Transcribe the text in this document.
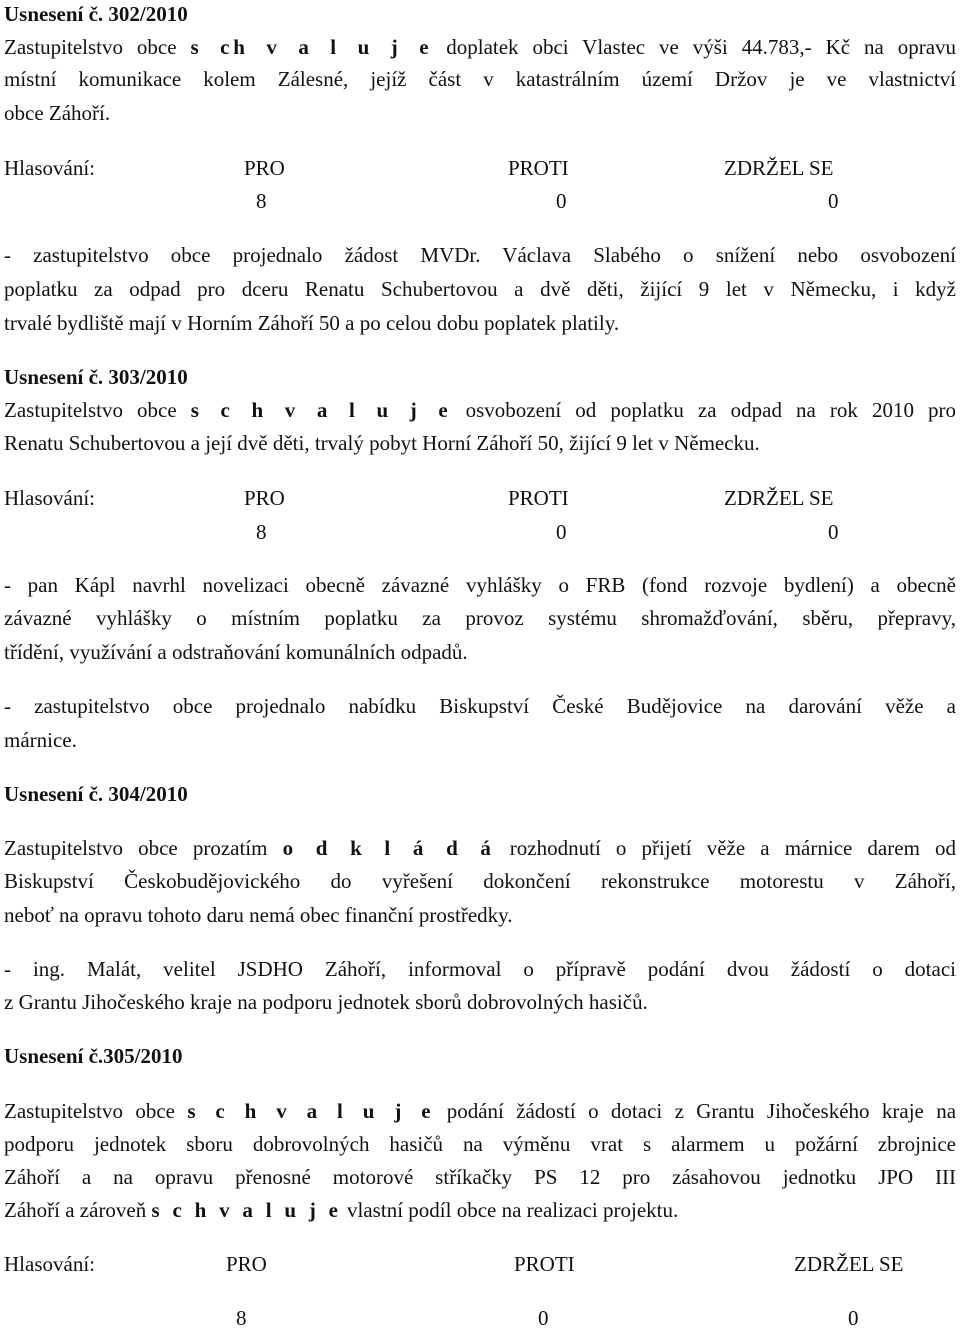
Usnesení č. 302/2010
Zastupitelstvo obce s ch v a l u j e doplatek obci Vlastec ve výši 44.783,- Kč na opravu
místní komunikace kolem Zálesné, jejíž část v katastrálním území Držov je ve vlastnictví
obce Záhoří.
Hlasování:	PRO	PROTI	ZDRŽEL SE
8	0	0
- zastupitelstvo obce projednalo žádost MVDr. Václava Slabého o snížení nebo osvobození
poplatku za odpad pro dceru Renatu Schubertovou a dvě děti, žijící 9 let v Německu, i když
trvalé bydliště mají v Horním Záhoří 50 a po celou dobu poplatek platily.
Usnesení č. 303/2010
Zastupitelstvo obce s c h v a l u j e osvobození od poplatku za odpad na rok 2010 pro
Renatu Schubertovou a její dvě děti, trvalý pobyt Horní Záhoří 50, žijící 9 let v Německu.
Hlasování:	PRO	PROTI	ZDRŽEL SE
8	0	0
- pan Kápl navrhl novelizaci obecně závazné vyhlášky o FRB (fond rozvoje bydlení) a obecně
závazné vyhlášky o místním poplatku za provoz systému shromažďování, sběru, přepravy,
třídění, využívání a odstraňování komunálních odpadů.
- zastupitelstvo obce projednalo nabídku Biskupství České Budějovice na darování věže a
márnice.
Usnesení č. 304/2010
Zastupitelstvo obce prozatím o d k l á d á rozhodnutí o přijetí věže a márnice darem od
Biskupství Českobudějovického do vyřešení dokončení rekonstrukce motorestu v Záhoří,
neboť na opravu tohoto daru nemá obec finanční prostředky.
- ing. Malát, velitel JSDHO Záhoří, informoval o přípravě podání dvou žádostí o dotaci
z Grantu Jihočeského kraje na podporu jednotek sborů dobrovolných hasičů.
Usnesení č.305/2010
Zastupitelstvo obce s c h v a l u j e podání žádostí o dotaci z Grantu Jihočeského kraje na
podporu jednotek sboru dobrovolných hasičů na výměnu vrat s alarmem u požární zbrojnice
Záhoří a na opravu přenosné motorové stříkačky PS 12 pro zásahovou jednotku JPO III
Záhoří a zároveň s c h v a l u j e vlastní podíl obce na realizaci projektu.
Hlasování:	PRO	PROTI	ZDRŽEL SE
8	0	0
